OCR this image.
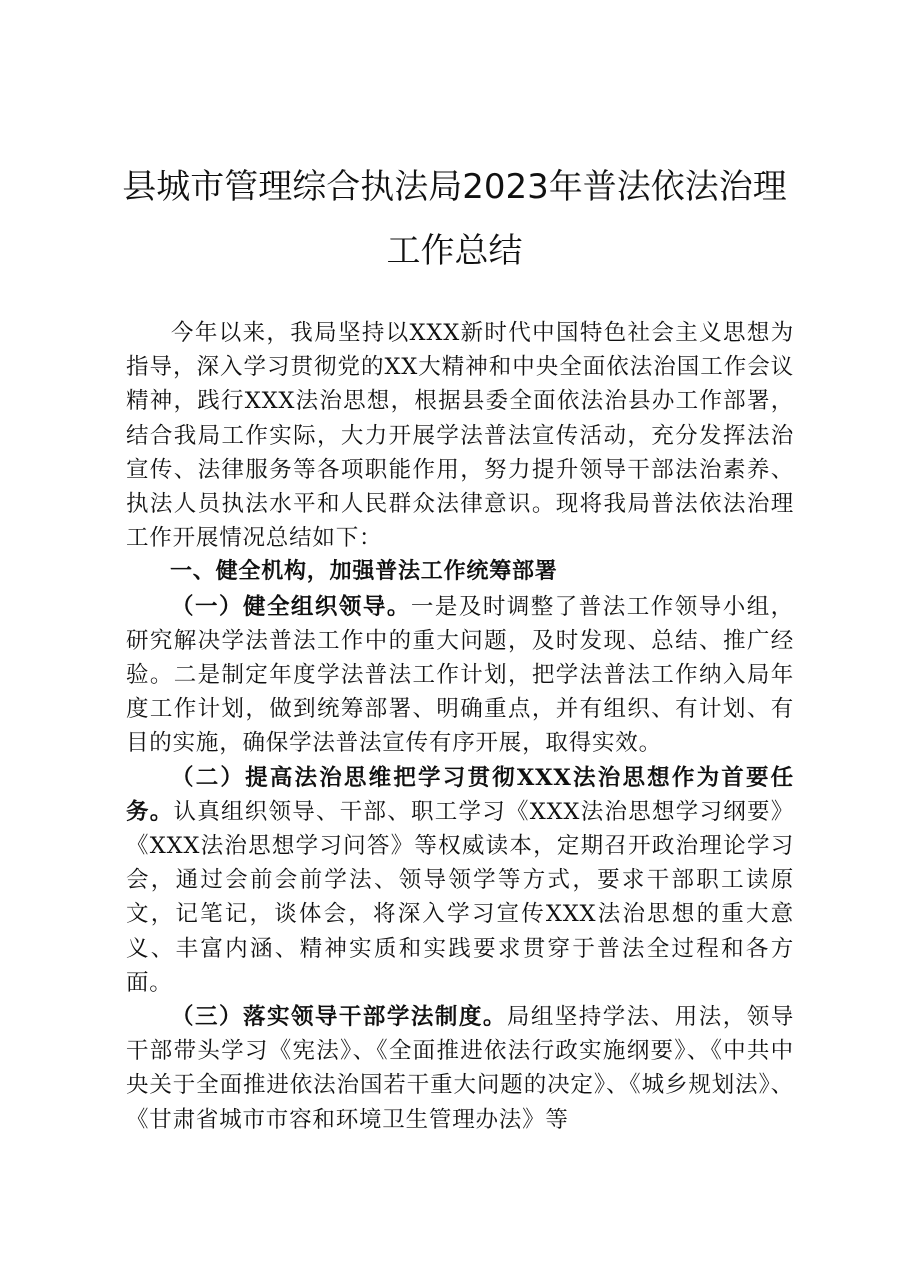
县城市管理综合执法局2023年普法依法治理
工作总结

今年以来，我局坚持以XXX新时代中国特色社会主义思想为指导，深入学习贯彻党的XX大精神和中央全面依法治国工作会议精神，践行XXX法治思想，根据县委全面依法治县办工作部署，结合我局工作实际，大力开展学法普法宣传活动，充分发挥法治宣传、法律服务等各项职能作用，努力提升领导干部法治素养、执法人员执法水平和人民群众法律意识。现将我局普法依法治理工作开展情况总结如下：

一、健全机构，加强普法工作统筹部署

（一）健全组织领导。一是及时调整了普法工作领导小组，研究解决学法普法工作中的重大问题，及时发现、总结、推广经验。二是制定年度学法普法工作计划，把学法普法工作纳入局年度工作计划，做到统筹部署、明确重点，并有组织、有计划、有目的实施，确保学法普法宣传有序开展，取得实效。

（二）提高法治思维把学习贯彻XXX法治思想作为首要任务。认真组织领导、干部、职工学习《XXX法治思想学习纲要》《XXX法治思想学习问答》等权威读本，定期召开政治理论学习会，通过会前会前学法、领导领学等方式，要求干部职工读原文，记笔记，谈体会，将深入学习宣传XXX法治思想的重大意义、丰富内涵、精神实质和实践要求贯穿于普法全过程和各方面。

（三）落实领导干部学法制度。局组坚持学法、用法，领导干部带头学习《宪法》、《全面推进依法行政实施纲要》、《中共中央关于全面推进依法治国若干重大问题的决定》、《城乡规划法》、《甘肃省城市市容和环境卫生管理办法》等
